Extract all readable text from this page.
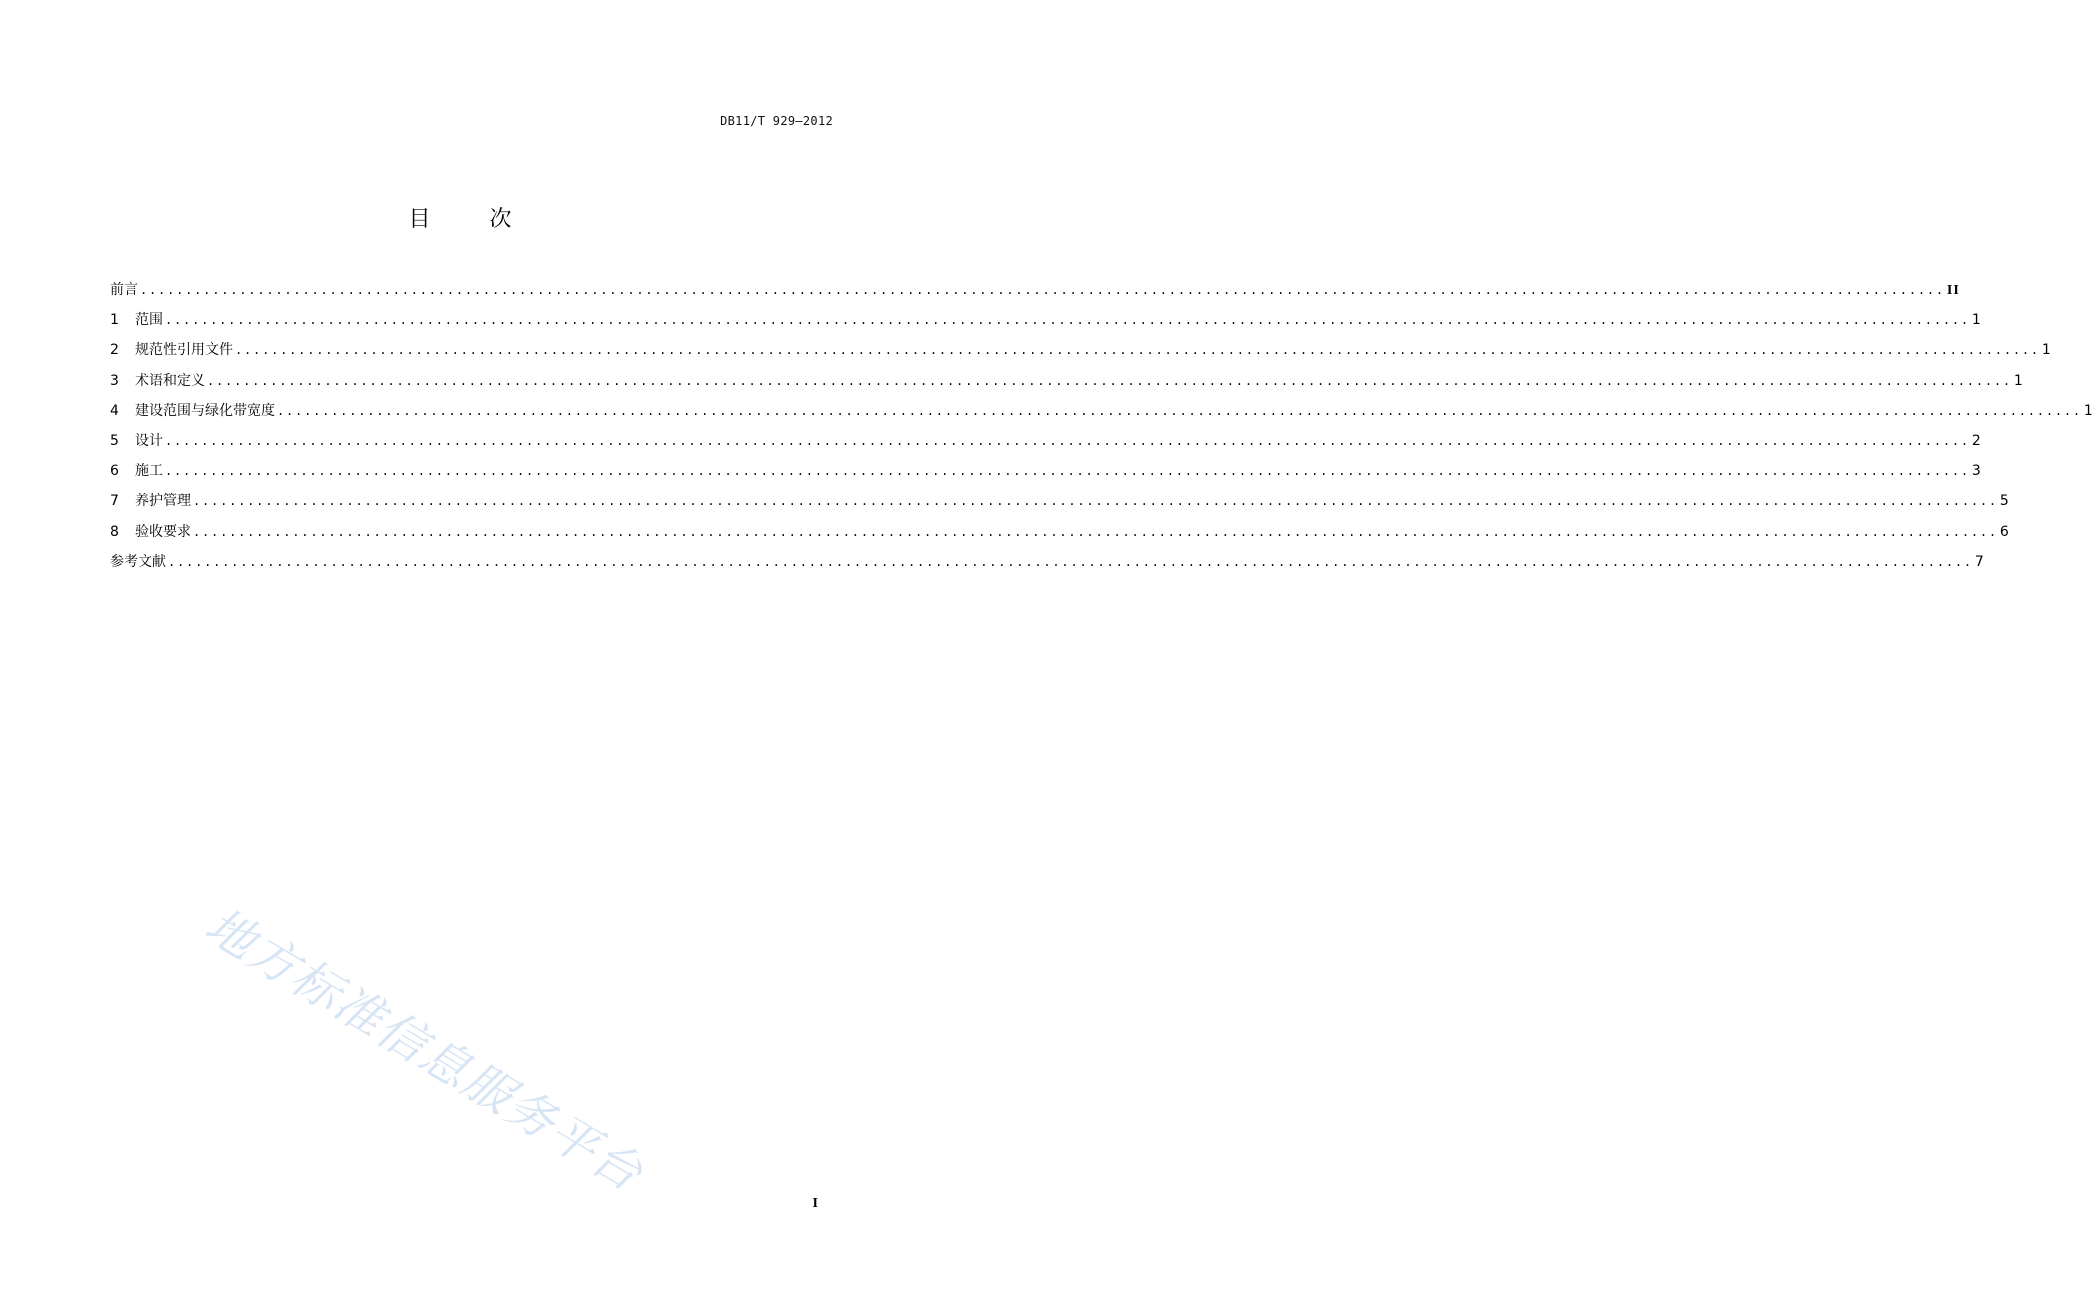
DB11/T 929—2012
目 次
前言 ........................................................................................................................................................................................................ II
1	范围 ........................................................................................................................................................................................................ 1
2	规范性引用文件 ........................................................................................................................................................................................................ 1
3	术语和定义 ........................................................................................................................................................................................................ 1
4	建设范围与绿化带宽度 ........................................................................................................................................................................................................ 1
5	设计 ........................................................................................................................................................................................................ 2
6	施工 ........................................................................................................................................................................................................ 3
7	养护管理 ........................................................................................................................................................................................................ 5
8	验收要求 ........................................................................................................................................................................................................ 6
参考文献 ........................................................................................................................................................................................................ 7
地方标准信息服务平台
I
